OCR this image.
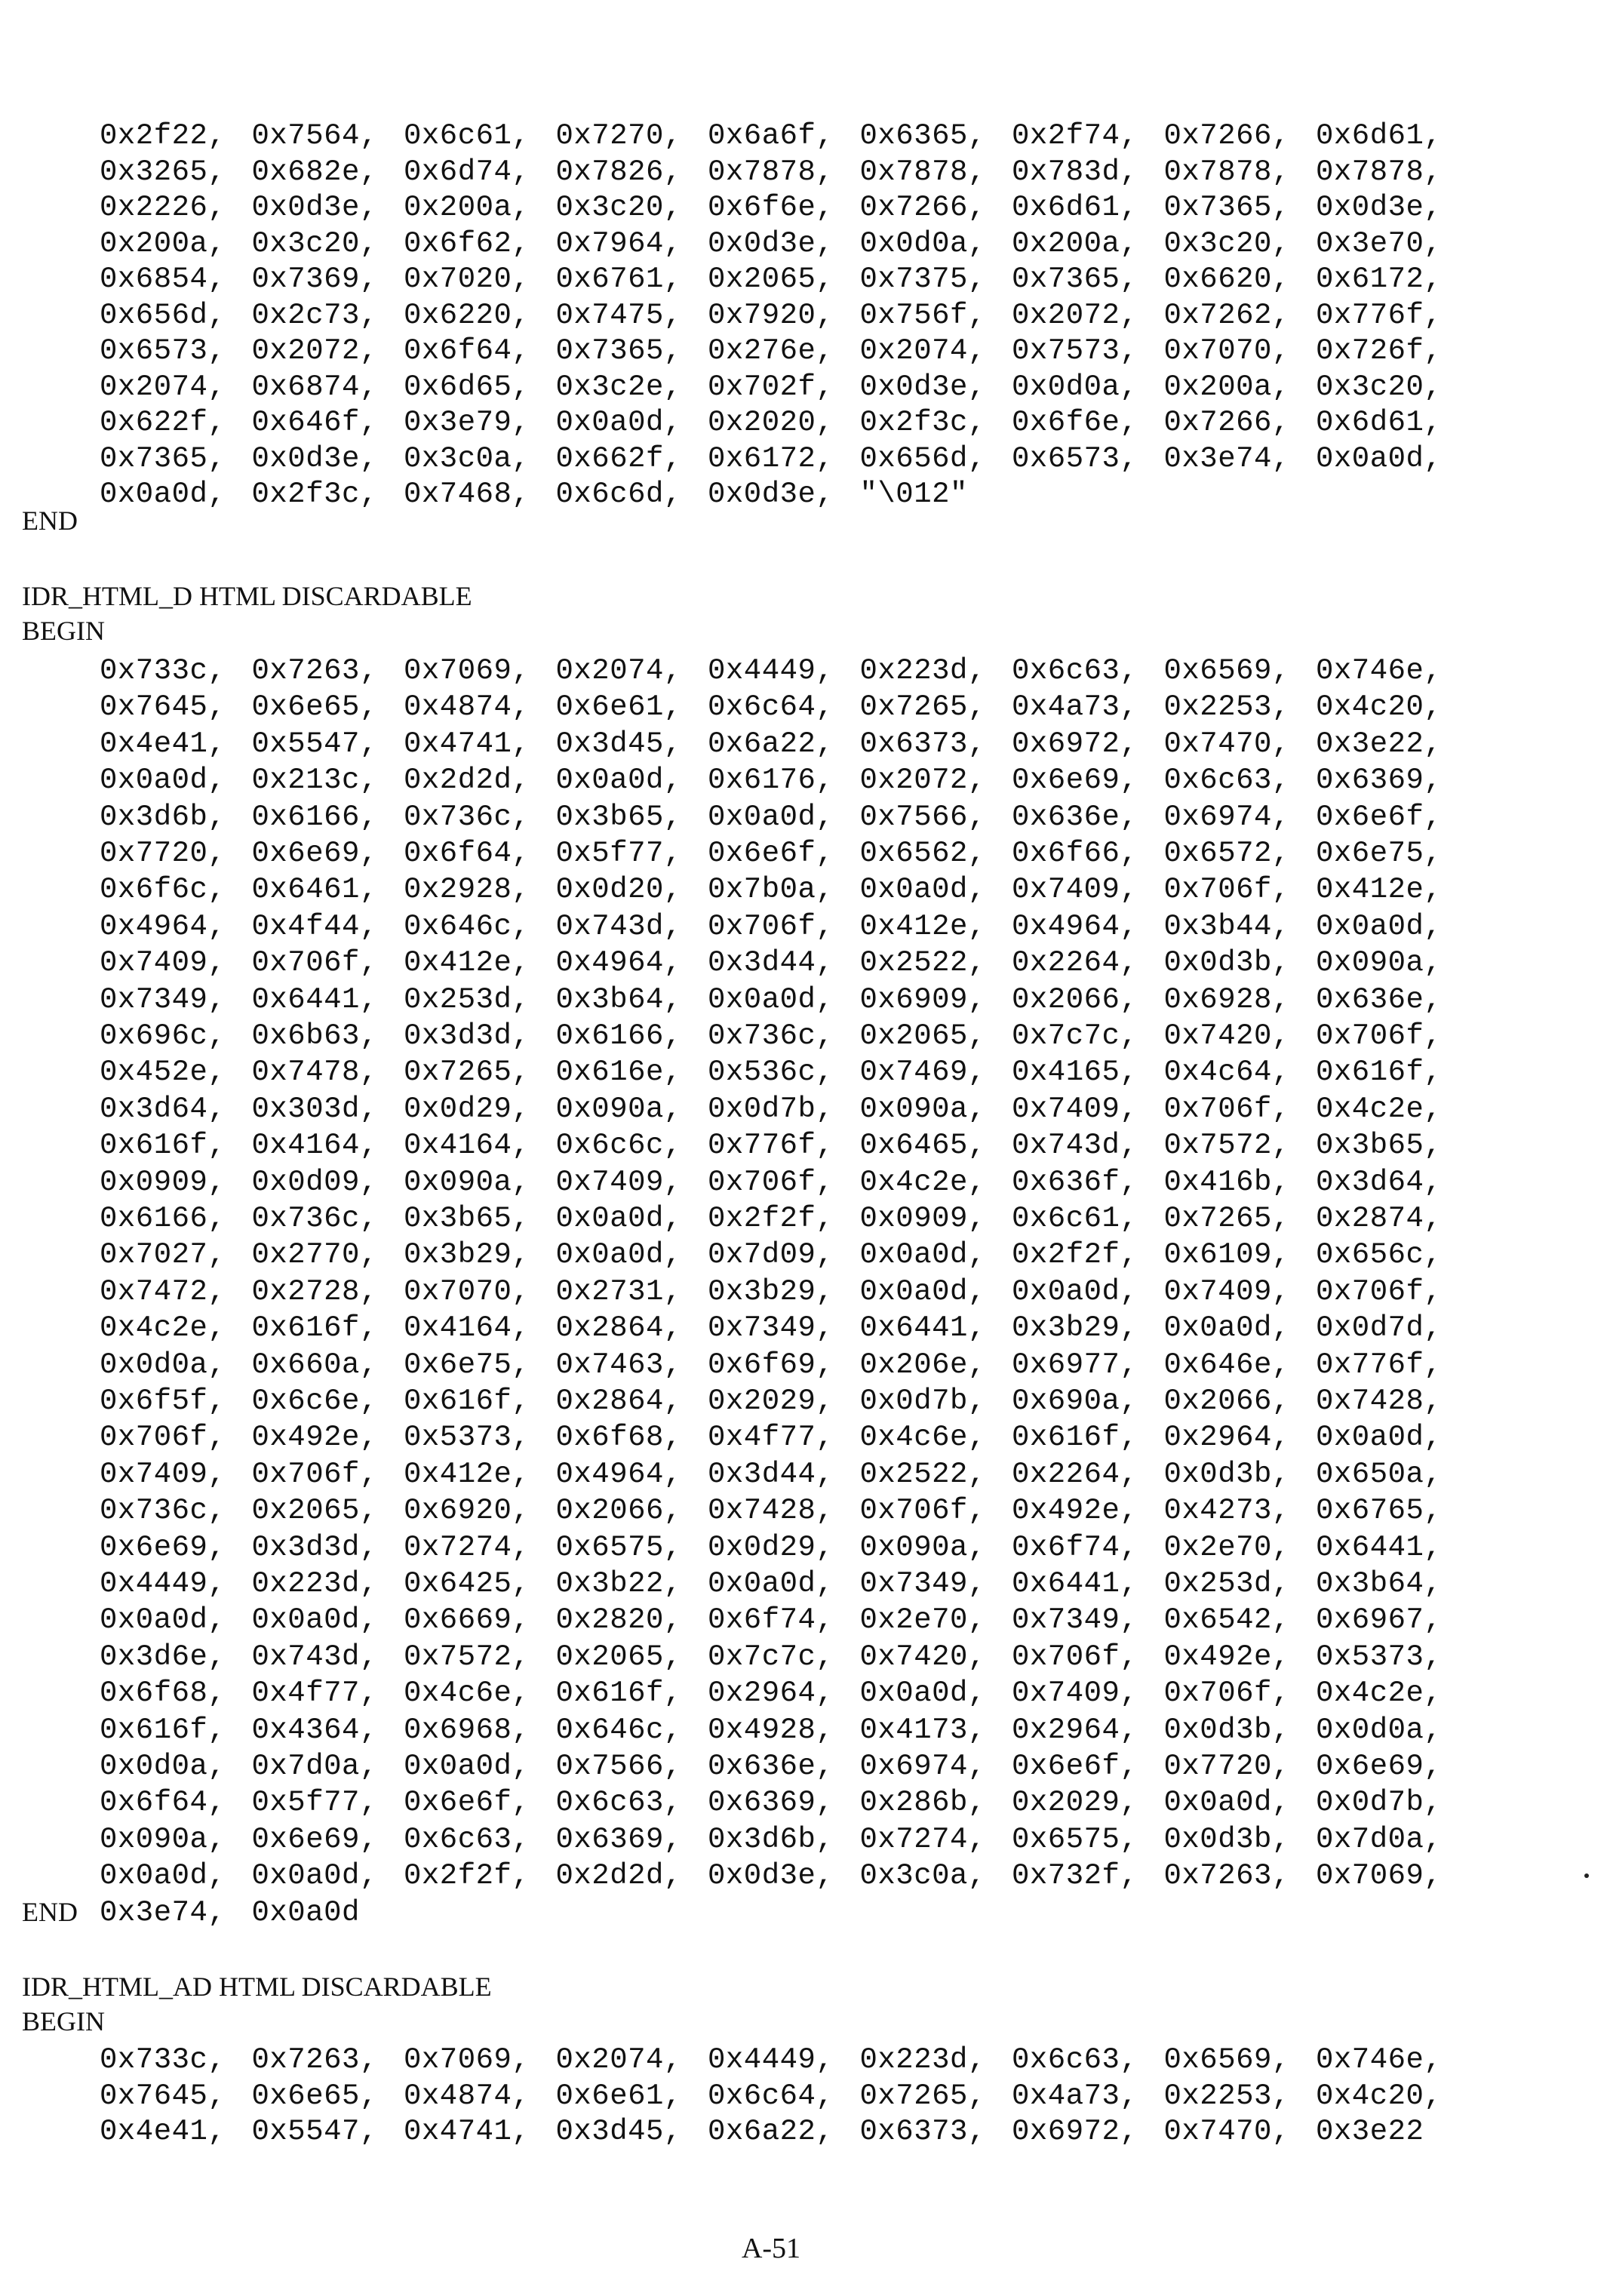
0x2f22, 0x7564, 0x6c61, 0x7270, 0x6a6f, 0x6365, 0x2f74, 0x7266, 0x6d61,
0x3265, 0x682e, 0x6d74, 0x7826, 0x7878, 0x7878, 0x783d, 0x7878, 0x7878,
0x2226, 0x0d3e, 0x200a, 0x3c20, 0x6f6e, 0x7266, 0x6d61, 0x7365, 0x0d3e,
0x200a, 0x3c20, 0x6f62, 0x7964, 0x0d3e, 0x0d0a, 0x200a, 0x3c20, 0x3e70,
0x6854, 0x7369, 0x7020, 0x6761, 0x2065, 0x7375, 0x7365, 0x6620, 0x6172,
0x656d, 0x2c73, 0x6220, 0x7475, 0x7920, 0x756f, 0x2072, 0x7262, 0x776f,
0x6573, 0x2072, 0x6f64, 0x7365, 0x276e, 0x2074, 0x7573, 0x7070, 0x726f,
0x2074, 0x6874, 0x6d65, 0x3c2e, 0x702f, 0x0d3e, 0x0d0a, 0x200a, 0x3c20,
0x622f, 0x646f, 0x3e79, 0x0a0d, 0x2020, 0x2f3c, 0x6f6e, 0x7266, 0x6d61,
0x7365, 0x0d3e, 0x3c0a, 0x662f, 0x6172, 0x656d, 0x6573, 0x3e74, 0x0a0d,
0x0a0d, 0x2f3c, 0x7468, 0x6c6d, 0x0d3e, "\012"
END
IDR_HTML_D HTML DISCARDABLE
BEGIN
0x733c, 0x7263, 0x7069, 0x2074, 0x4449, 0x223d, 0x6c63, 0x6569, 0x746e,
0x7645, 0x6e65, 0x4874, 0x6e61, 0x6c64, 0x7265, 0x4a73, 0x2253, 0x4c20,
0x4e41, 0x5547, 0x4741, 0x3d45, 0x6a22, 0x6373, 0x6972, 0x7470, 0x3e22,
0x0a0d, 0x213c, 0x2d2d, 0x0a0d, 0x6176, 0x2072, 0x6e69, 0x6c63, 0x6369,
0x3d6b, 0x6166, 0x736c, 0x3b65, 0x0a0d, 0x7566, 0x636e, 0x6974, 0x6e6f,
0x7720, 0x6e69, 0x6f64, 0x5f77, 0x6e6f, 0x6562, 0x6f66, 0x6572, 0x6e75,
0x6f6c, 0x6461, 0x2928, 0x0d20, 0x7b0a, 0x0a0d, 0x7409, 0x706f, 0x412e,
0x4964, 0x4f44, 0x646c, 0x743d, 0x706f, 0x412e, 0x4964, 0x3b44, 0x0a0d,
0x7409, 0x706f, 0x412e, 0x4964, 0x3d44, 0x2522, 0x2264, 0x0d3b, 0x090a,
0x7349, 0x6441, 0x253d, 0x3b64, 0x0a0d, 0x6909, 0x2066, 0x6928, 0x636e,
0x696c, 0x6b63, 0x3d3d, 0x6166, 0x736c, 0x2065, 0x7c7c, 0x7420, 0x706f,
0x452e, 0x7478, 0x7265, 0x616e, 0x536c, 0x7469, 0x4165, 0x4c64, 0x616f,
0x3d64, 0x303d, 0x0d29, 0x090a, 0x0d7b, 0x090a, 0x7409, 0x706f, 0x4c2e,
0x616f, 0x4164, 0x4164, 0x6c6c, 0x776f, 0x6465, 0x743d, 0x7572, 0x3b65,
0x0909, 0x0d09, 0x090a, 0x7409, 0x706f, 0x4c2e, 0x636f, 0x416b, 0x3d64,
0x6166, 0x736c, 0x3b65, 0x0a0d, 0x2f2f, 0x0909, 0x6c61, 0x7265, 0x2874,
0x7027, 0x2770, 0x3b29, 0x0a0d, 0x7d09, 0x0a0d, 0x2f2f, 0x6109, 0x656c,
0x7472, 0x2728, 0x7070, 0x2731, 0x3b29, 0x0a0d, 0x0a0d, 0x7409, 0x706f,
0x4c2e, 0x616f, 0x4164, 0x2864, 0x7349, 0x6441, 0x3b29, 0x0a0d, 0x0d7d,
0x0d0a, 0x660a, 0x6e75, 0x7463, 0x6f69, 0x206e, 0x6977, 0x646e, 0x776f,
0x6f5f, 0x6c6e, 0x616f, 0x2864, 0x2029, 0x0d7b, 0x690a, 0x2066, 0x7428,
0x706f, 0x492e, 0x5373, 0x6f68, 0x4f77, 0x4c6e, 0x616f, 0x2964, 0x0a0d,
0x7409, 0x706f, 0x412e, 0x4964, 0x3d44, 0x2522, 0x2264, 0x0d3b, 0x650a,
0x736c, 0x2065, 0x6920, 0x2066, 0x7428, 0x706f, 0x492e, 0x4273, 0x6765,
0x6e69, 0x3d3d, 0x7274, 0x6575, 0x0d29, 0x090a, 0x6f74, 0x2e70, 0x6441,
0x4449, 0x223d, 0x6425, 0x3b22, 0x0a0d, 0x7349, 0x6441, 0x253d, 0x3b64,
0x0a0d, 0x0a0d, 0x6669, 0x2820, 0x6f74, 0x2e70, 0x7349, 0x6542, 0x6967,
0x3d6e, 0x743d, 0x7572, 0x2065, 0x7c7c, 0x7420, 0x706f, 0x492e, 0x5373,
0x6f68, 0x4f77, 0x4c6e, 0x616f, 0x2964, 0x0a0d, 0x7409, 0x706f, 0x4c2e,
0x616f, 0x4364, 0x6968, 0x646c, 0x4928, 0x4173, 0x2964, 0x0d3b, 0x0d0a,
0x0d0a, 0x7d0a, 0x0a0d, 0x7566, 0x636e, 0x6974, 0x6e6f, 0x7720, 0x6e69,
0x6f64, 0x5f77, 0x6e6f, 0x6c63, 0x6369, 0x286b, 0x2029, 0x0a0d, 0x0d7b,
0x090a, 0x6e69, 0x6c63, 0x6369, 0x3d6b, 0x7274, 0x6575, 0x0d3b, 0x7d0a,
0x0a0d, 0x0a0d, 0x2f2f, 0x2d2d, 0x0d3e, 0x3c0a, 0x732f, 0x7263, 0x7069,
0x3e74, 0x0a0d
END
IDR_HTML_AD HTML DISCARDABLE
BEGIN
0x733c, 0x7263, 0x7069, 0x2074, 0x4449, 0x223d, 0x6c63, 0x6569, 0x746e,
0x7645, 0x6e65, 0x4874, 0x6e61, 0x6c64, 0x7265, 0x4a73, 0x2253, 0x4c20,
0x4e41, 0x5547, 0x4741, 0x3d45, 0x6a22, 0x6373, 0x6972, 0x7470, 0x3e22
A-51
